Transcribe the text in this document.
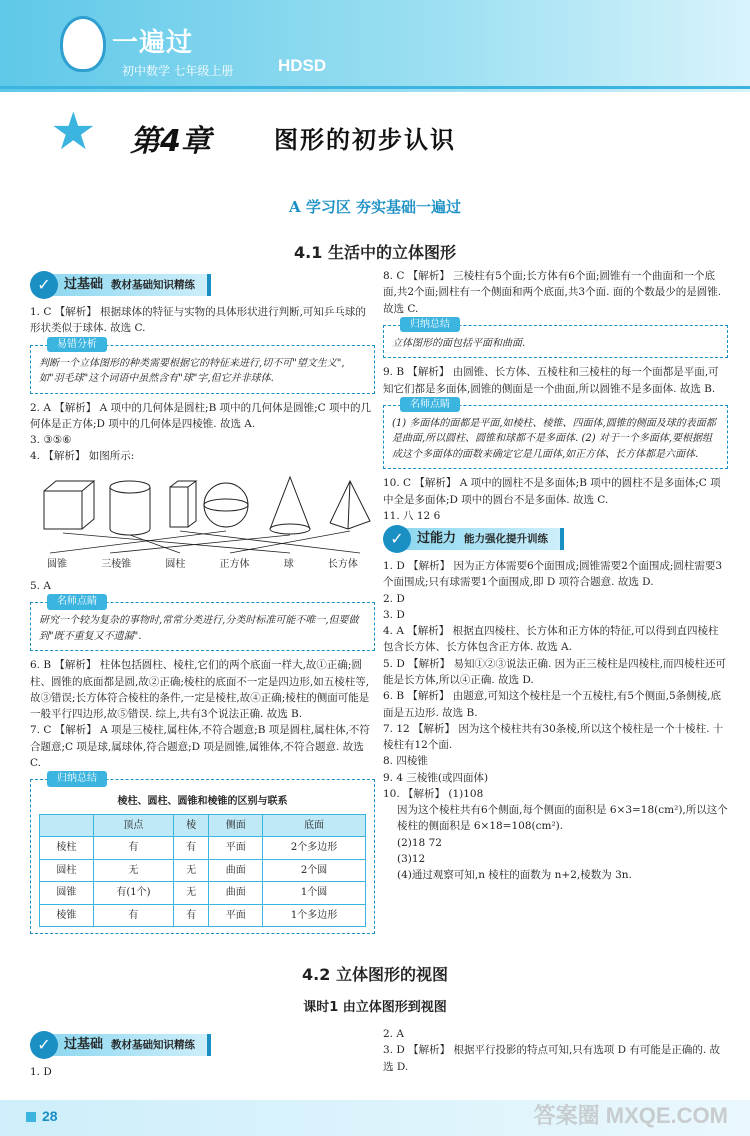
一遍过
初中数学 七年级上册	HDSD
★ 第4章	图形的初步认识
A 学习区 夯实基础一遍过
4.1 生活中的立体图形
✓	过基础 教材基础知识精练

1. C 【解析】 根据球体的特征与实物的具体形状进行判断,可知乒乓球的形状类似于球体. 故选 C.

易错分析
判断一个立体图形的种类需要根据它的特征来进行,切不可"望文生义",如"羽毛球"这个词语中虽然含有"球"字,但它并非球体.

2. A 【解析】 A 项中的几何体是圆柱;B 项中的几何体是圆锥;C 项中的几何体是正方体;D 项中的几何体是四棱锥. 故选 A.

3. ③⑤⑥

4. 【解析】 如图所示:

圆锥	三棱锥	圆柱	正方体	球	长方体

5. A

名师点睛
研究一个较为复杂的事物时,常常分类进行,分类时标准可能不唯一,但要做到"既不重复又不遗漏".

6. B 【解析】 柱体包括圆柱、棱柱,它们的两个底面一样大,故①正确;圆柱、圆锥的底面都是圆,故②正确;棱柱的底面不一定是四边形,如五棱柱等,故③错误;长方体符合棱柱的条件,一定是棱柱,故④正确;棱柱的侧面可能是一般平行四边形,故⑤错误. 综上,共有3个说法正确. 故选 B.

7. C 【解析】 A 项是三棱柱,属柱体,不符合题意;B 项是圆柱,属柱体,不符合题意;C 项是球,属球体,符合题意;D 项是圆锥,属锥体,不符合题意. 故选 C.

归纳总结
棱柱、圆柱、圆锥和棱锥的区别与联系
	顶点	棱	侧面	底面
棱柱	有	有	平面	2个多边形
圆柱	无	无	曲面	2个圆
圆锥	有(1个)	无	曲面	1个圆
棱锥	有	有	平面	1个多边形

8. C 【解析】 三棱柱有5个面;长方体有6个面;圆锥有一个曲面和一个底面,共2个面;圆柱有一个侧面和两个底面,共3个面. 面的个数最少的是圆锥. 故选 C.

归纳总结
立体图形的面包括平面和曲面.

9. B 【解析】 由圆锥、长方体、五棱柱和三棱柱的每一个面都是平面,可知它们都是多面体,圆锥的侧面是一个曲面,所以圆锥不是多面体. 故选 B.

名师点睛
(1) 多面体的面都是平面,如棱柱、棱锥、四面体,圆锥的侧面及球的表面都是曲面,所以圆柱、圆锥和球都不是多面体. (2) 对于一个多面体,要根据组成这个多面体的面数来确定它是几面体,如正方体、长方体都是六面体.

10. C 【解析】 A 项中的圆柱不是多面体;B 项中的圆柱不是多面体;C 项中全是多面体;D 项中的圆台不是多面体. 故选 C.

11. 八 12 6

✓	过能力 能力强化提升训练

1. D 【解析】 因为正方体需要6个面围成;圆锥需要2个面围成;圆柱需要3个面围成;只有球需要1个面围成,即 D 项符合题意. 故选 D.

2. D

3. D

4. A 【解析】 根据直四棱柱、长方体和正方体的特征,可以得到直四棱柱包含长方体、长方体包含正方体. 故选 A.

5. D 【解析】 易知①②③说法正确. 因为正三棱柱是四棱柱,而四棱柱还可能是长方体,所以④正确. 故选 D.

6. B 【解析】 由题意,可知这个棱柱是一个五棱柱,有5个侧面,5条侧棱,底面是五边形. 故选 B.

7. 12 【解析】 因为这个棱柱共有30条棱,所以这个棱柱是一个十棱柱. 十棱柱有12个面.

8. 四棱锥

9. 4 三棱锥(或四面体)

10. 【解析】 (1)108

因为这个棱柱共有6个侧面,每个侧面的面积是 6×3=18(cm²),所以这个棱柱的侧面积是 6×18=108(cm²).

(2)18 72

(3)12

(4)通过观察可知,n 棱柱的面数为 n+2,棱数为 3n.

4.2 立体图形的视图
课时1 由立体图形到视图
✓	过基础 教材基础知识精练

1. D

2. A

3. D 【解析】 根据平行投影的特点可知,只有选项 D 有可能是正确的. 故选 D.

28	答案圈 MXQE.COM
